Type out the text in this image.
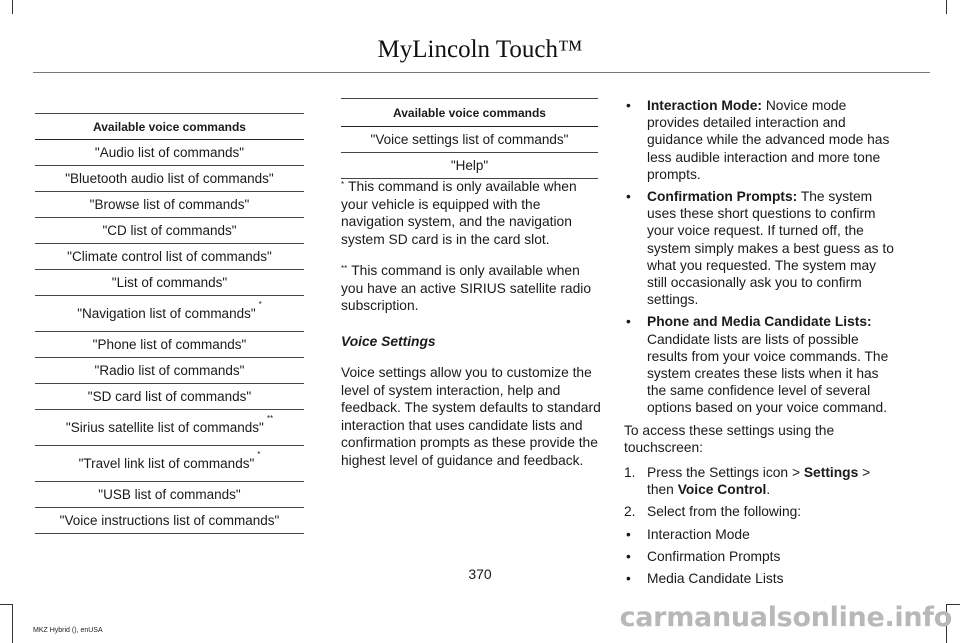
MyLincoln Touch™
Available voice commands
"Audio list of commands"
"Bluetooth audio list of commands"
"Browse list of commands"
"CD list of commands"
"Climate control list of commands"
"List of commands"
"Navigation list of commands"*
"Phone list of commands"
"Radio list of commands"
"SD card list of commands"
"Sirius satellite list of commands"**
"Travel link list of commands"*
"USB list of commands"
"Voice instructions list of commands"
Available voice commands
"Voice settings list of commands"
"Help"

* This command is only available when your vehicle is equipped with the navigation system, and the navigation system SD card is in the card slot.

** This command is only available when you have an active SIRIUS satellite radio subscription.

Voice Settings

Voice settings allow you to customize the level of system interaction, help and feedback. The system defaults to standard interaction that uses candidate lists and confirmation prompts as these provide the highest level of guidance and feedback.

• Interaction Mode: Novice mode provides detailed interaction and guidance while the advanced mode has less audible interaction and more tone prompts.
• Confirmation Prompts: The system uses these short questions to confirm your voice request. If turned off, the system simply makes a best guess as to what you requested. The system may still occasionally ask you to confirm settings.
• Phone and Media Candidate Lists: Candidate lists are lists of possible results from your voice commands. The system creates these lists when it has the same confidence level of several options based on your voice command.

To access these settings using the touchscreen:

1. Press the Settings icon > Settings > then Voice Control.
2. Select from the following:
• Interaction Mode
• Confirmation Prompts
• Media Candidate Lists
370
MKZ Hybrid (), enUSA	carmanualsonline.info
